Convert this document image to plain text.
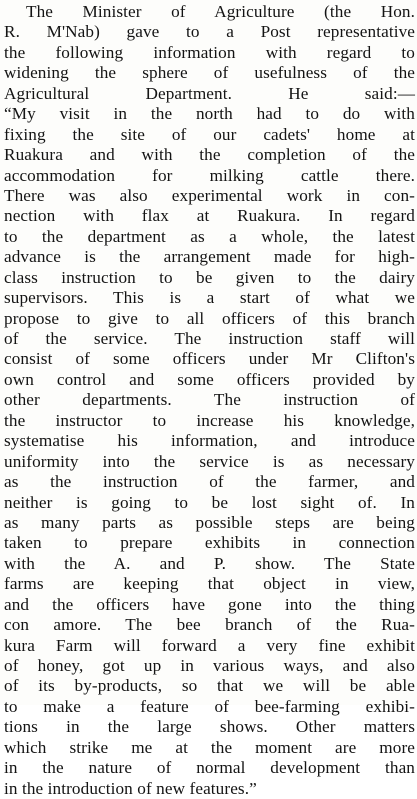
The Minister of Agriculture (the Hon.
R. M'Nab) gave to a Post representative
the following information with regard to
widening the sphere of usefulness of the
Agricultural Department. He said:—
“My visit in the north had to do with
fixing the site of our cadets' home at
Ruakura and with the completion of the
accommodation for milking cattle there.
There was also experimental work in con-
nection with flax at Ruakura. In regard
to the department as a whole, the latest
advance is the arrangement made for high-
class instruction to be given to the dairy
supervisors. This is a start of what we
propose to give to all officers of this branch
of the service. The instruction staff will
consist of some officers under Mr Clifton's
own control and some officers provided by
other departments. The instruction of
the instructor to increase his knowledge,
systematise his information, and introduce
uniformity into the service is as necessary
as the instruction of the farmer, and
neither is going to be lost sight of. In
as many parts as possible steps are being
taken to prepare exhibits in connection
with the A. and P. show. The State
farms are keeping that object in view,
and the officers have gone into the thing
con amore. The bee branch of the Rua-
kura Farm will forward a very fine exhibit
of honey, got up in various ways, and also
of its by-products, so that we will be able
to make a feature of bee-farming exhibi-
tions in the large shows. Other matters
which strike me at the moment are more
in the nature of normal development than
in the introduction of new features.”
